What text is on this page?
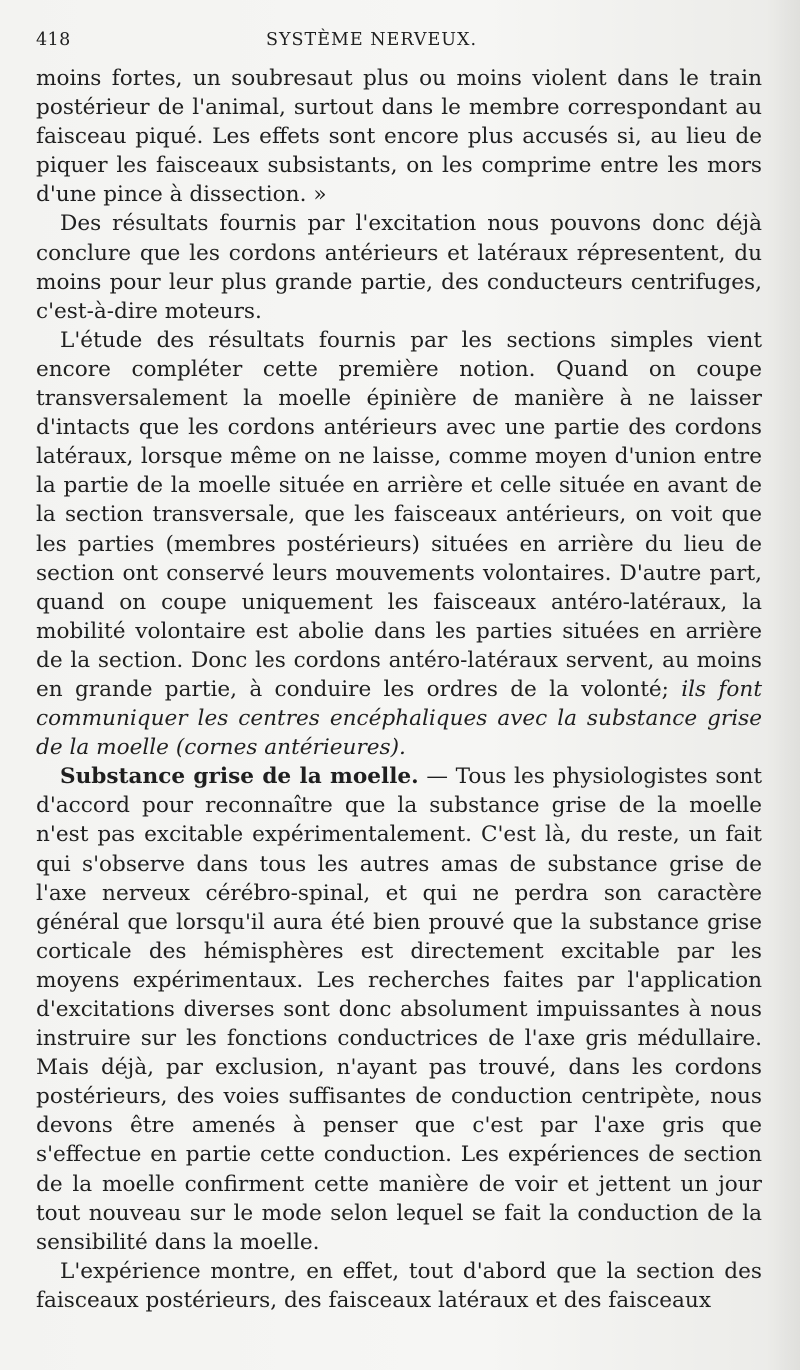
418	SYSTÈME NERVEUX.

moins fortes, un soubresaut plus ou moins violent dans le train postérieur de l'animal, surtout dans le membre correspondant au faisceau piqué. Les effets sont encore plus accusés si, au lieu de piquer les faisceaux subsistants, on les comprime entre les mors d'une pince à dissection. »

Des résultats fournis par l'excitation nous pouvons donc déjà conclure que les cordons antérieurs et latéraux répresentent, du moins pour leur plus grande partie, des conducteurs centrifuges, c'est-à-dire moteurs.

L'étude des résultats fournis par les sections simples vient encore compléter cette première notion. Quand on coupe transversalement la moelle épinière de manière à ne laisser d'intacts que les cordons antérieurs avec une partie des cordons latéraux, lorsque même on ne laisse, comme moyen d'union entre la partie de la moelle située en arrière et celle située en avant de la section transversale, que les faisceaux antérieurs, on voit que les parties (membres postérieurs) situées en arrière du lieu de section ont conservé leurs mouvements volontaires. D'autre part, quand on coupe uniquement les faisceaux antéro-latéraux, la mobilité volontaire est abolie dans les parties situées en arrière de la section. Donc les cordons antéro-latéraux servent, au moins en grande partie, à conduire les ordres de la volonté; ils font communiquer les centres encéphaliques avec la substance grise de la moelle (cornes antérieures).

Substance grise de la moelle. — Tous les physiologistes sont d'accord pour reconnaître que la substance grise de la moelle n'est pas excitable expérimentalement. C'est là, du reste, un fait qui s'observe dans tous les autres amas de substance grise de l'axe nerveux cérébro-spinal, et qui ne perdra son caractère général que lorsqu'il aura été bien prouvé que la substance grise corticale des hémisphères est directement excitable par les moyens expérimentaux. Les recherches faites par l'application d'excitations diverses sont donc absolument impuissantes à nous instruire sur les fonctions conductrices de l'axe gris médullaire. Mais déjà, par exclusion, n'ayant pas trouvé, dans les cordons postérieurs, des voies suffisantes de conduction centripète, nous devons être amenés à penser que c'est par l'axe gris que s'effectue en partie cette conduction. Les expériences de section de la moelle confirment cette manière de voir et jettent un jour tout nouveau sur le mode selon lequel se fait la conduction de la sensibilité dans la moelle.

L'expérience montre, en effet, tout d'abord que la section des faisceaux postérieurs, des faisceaux latéraux et des faisceaux
